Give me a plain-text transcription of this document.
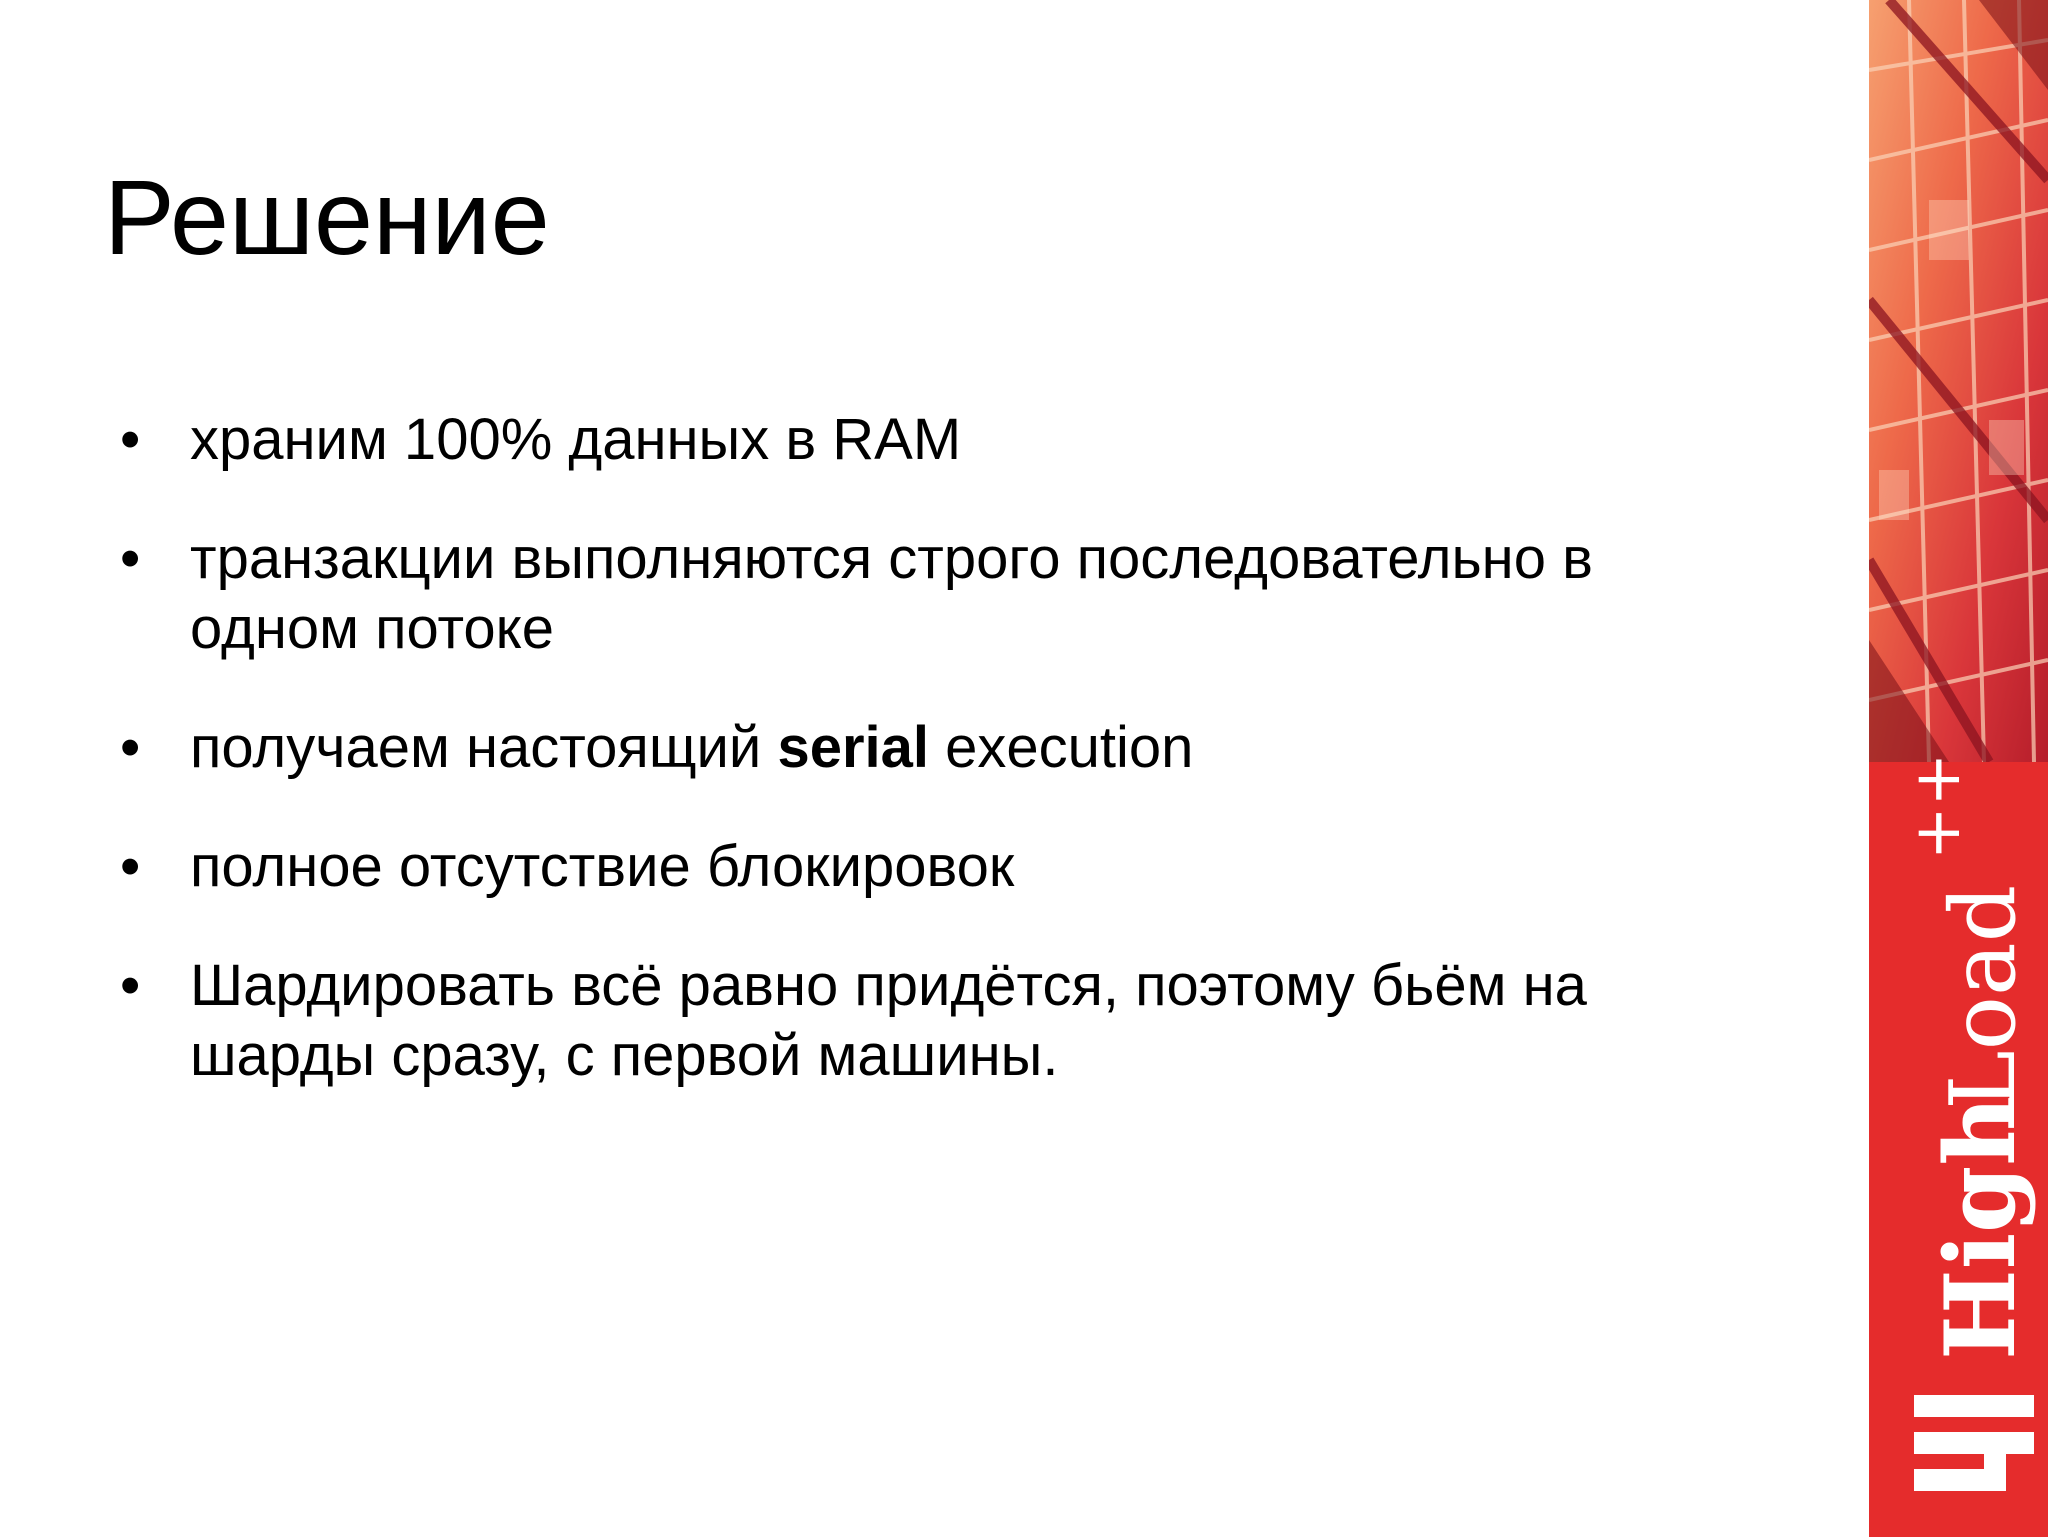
Решение
• храним 100% данных в RAM
• транзакции выполняются строго последовательно в одном потоке
• получаем настоящий serial execution
• полное отсутствие блокировок
• Шардировать всё равно придётся, поэтому бьём на шарды сразу, с первой машины.
High
Load
++
